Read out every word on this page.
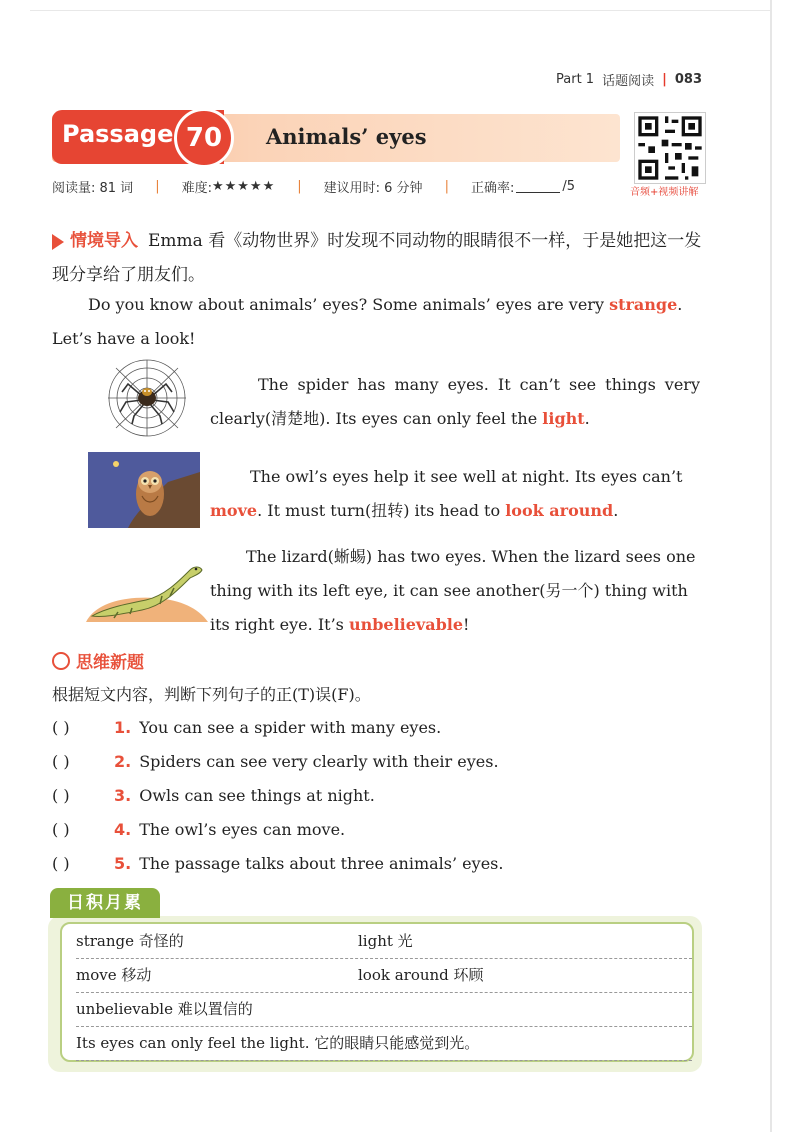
Part 1 话题阅读 | 083
Passage 70	Animals’ eyes
音频+视频讲解
阅读量: 81 词 | 难度: ★★★★★ | 建议用时: 6 分钟 | 正确率:	/5
情境导入 Emma 看《动物世界》时发现不同动物的眼睛很不一样，于是她把这一发现分享给了朋友们。
Do you know about animals’ eyes? Some animals’ eyes are very strange. Let’s have a look!
The spider has many eyes. It can’t see things very clearly(清楚地). Its eyes can only feel the light.
The owl’s eyes help it see well at night. Its eyes can’t move. It must turn(扭转) its head to look around.
The lizard(蜥蜴) has two eyes. When the lizard sees one thing with its left eye, it can see another(另一个) thing with its right eye. It’s unbelievable!
思维新题
根据短文内容，判断下列句子的正(T)误(F)。
( )	1. You can see a spider with many eyes.
( )	2. Spiders can see very clearly with their eyes.
( )	3. Owls can see things at night.
( )	4. The owl’s eyes can move.
( )	5. The passage talks about three animals’ eyes.
日积月累
strange 奇怪的	light 光
move 移动	look around 环顾
unbelievable 难以置信的
Its eyes can only feel the light. 它的眼睛只能感觉到光。
